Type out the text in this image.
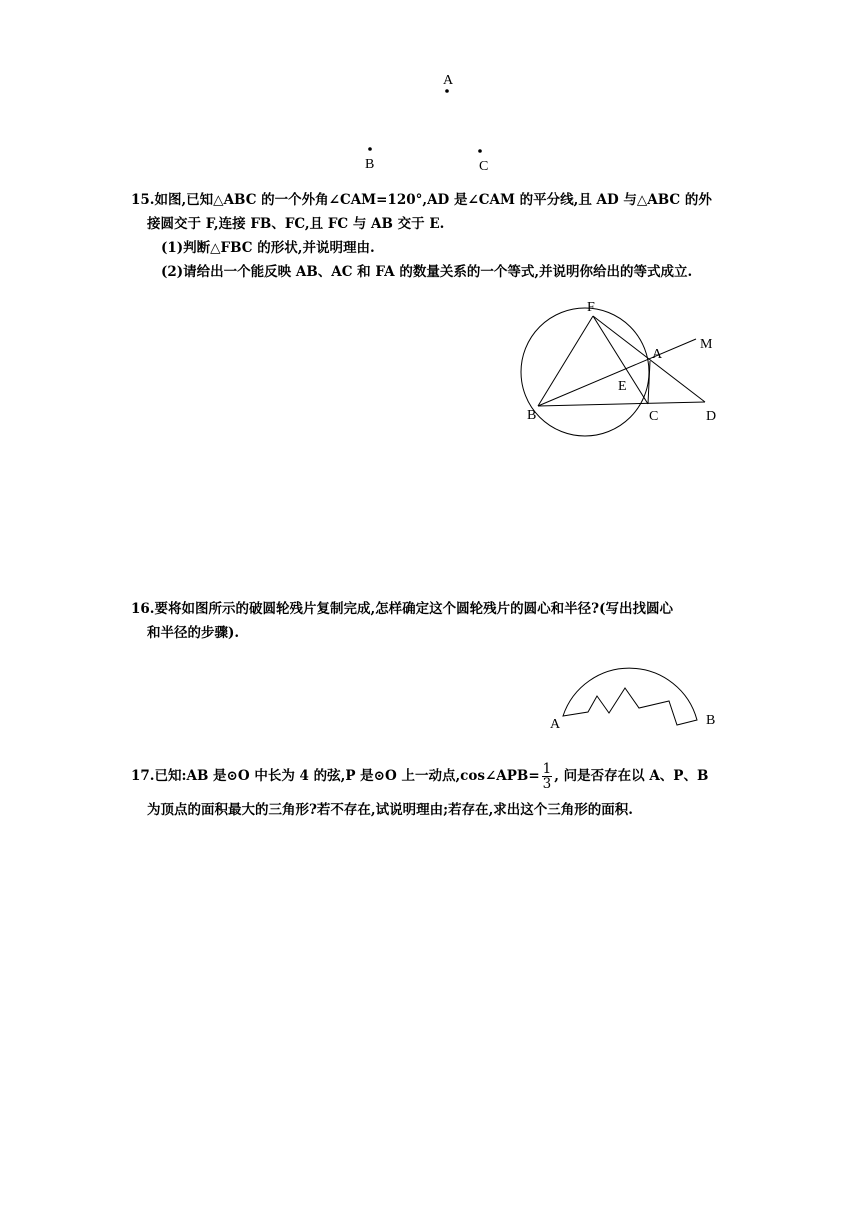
A
B	C
15.如图,已知△ABC 的一个外角∠CAM=120°,AD 是∠CAM 的平分线,且 AD 与△ABC 的外
接圆交于 F,连接 FB、FC,且 FC 与 AB 交于 E.
(1)判断△FBC 的形状,并说明理由.
(2)请给出一个能反映 AB、AC 和 FA 的数量关系的一个等式,并说明你给出的等式成立.
F
A
M
E
B	C	D
16.要将如图所示的破圆轮残片复制完成,怎样确定这个圆轮残片的圆心和半径?(写出找圆心
和半径的步骤).
A	B
17.已知:AB 是⊙O 中长为 4 的弦,P 是⊙O 上一动点,cos∠APB= $\frac{1}{3}$ , 问是否存在以 A、P、B
为顶点的面积最大的三角形?若不存在,试说明理由;若存在,求出这个三角形的面积.
